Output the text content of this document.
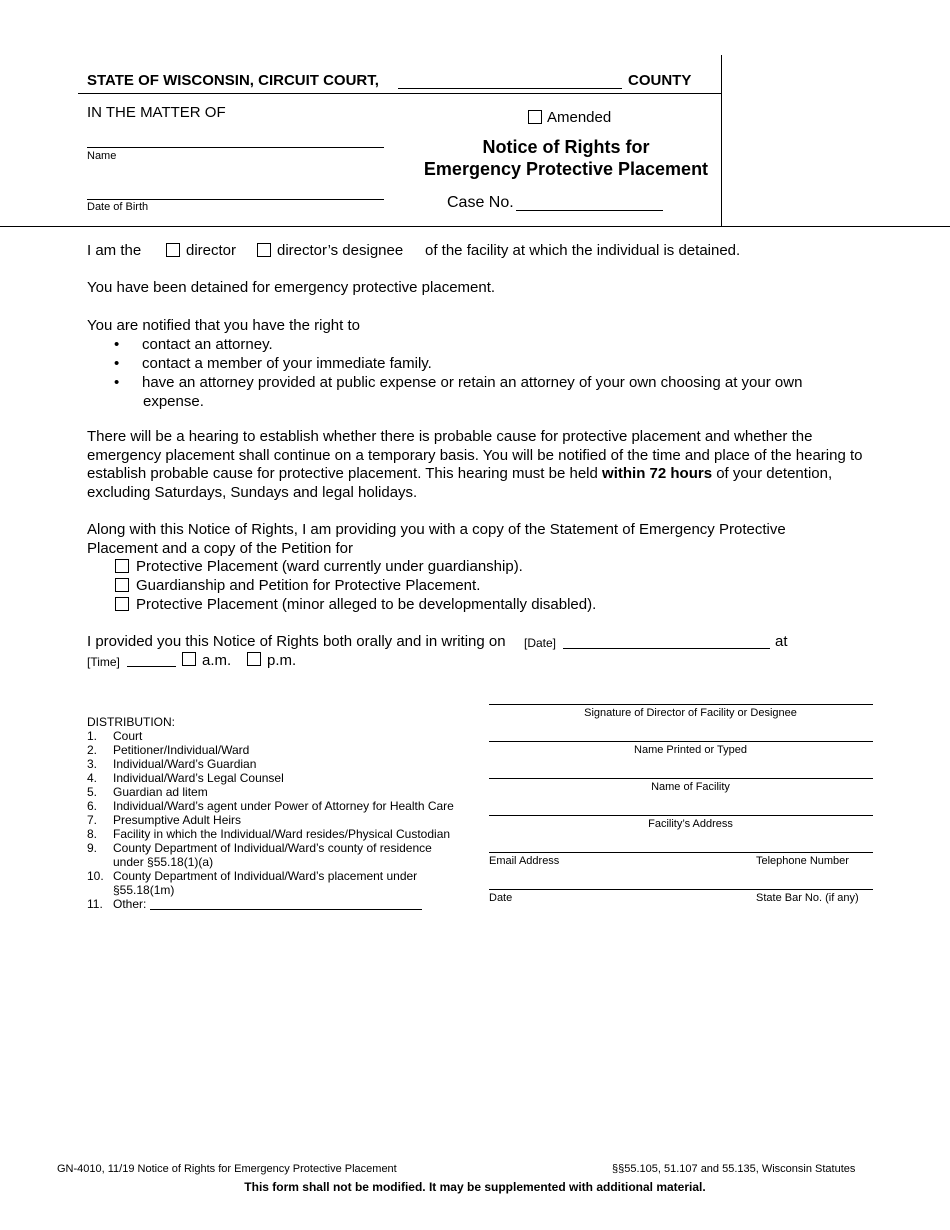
STATE OF WISCONSIN, CIRCUIT COURT,	COUNTY
IN THE MATTER OF
Name
Date of Birth
Amended
Notice of Rights for
Emergency Protective Placement
Case No.
I am the	director	director’s designee of the facility at which the individual is detained.
You have been detained for emergency protective placement.
You are notified that you have the right to
• contact an attorney.
• contact a member of your immediate family.
• have an attorney provided at public expense or retain an attorney of your own choosing at your own
expense.
There will be a hearing to establish whether there is probable cause for protective placement and whether the emergency placement shall continue on a temporary basis. You will be notified of the time and place of the hearing to establish probable cause for protective placement. This hearing must be held within 72 hours of your detention, excluding Saturdays, Sundays and legal holidays.
Along with this Notice of Rights, I am providing you with a copy of the Statement of Emergency Protective
Placement and a copy of the Petition for
Protective Placement (ward currently under guardianship).
Guardianship and Petition for Protective Placement.
Protective Placement (minor alleged to be developmentally disabled).
I provided you this Notice of Rights both orally and in writing on [Date]	at
[Time]	a.m. p.m.
DISTRIBUTION:
1. Court
2. Petitioner/Individual/Ward
3. Individual/Ward’s Guardian
4. Individual/Ward’s Legal Counsel
5. Guardian ad litem
6. Individual/Ward’s agent under Power of Attorney for Health Care
7. Presumptive Adult Heirs
8. Facility in which the Individual/Ward resides/Physical Custodian
9. County Department of Individual/Ward’s county of residence
under §55.18(1)(a)
10. County Department of Individual/Ward’s placement under
§55.18(1m)
11. Other:
Signature of Director of Facility or Designee
Name Printed or Typed
Name of Facility
Facility’s Address
Email Address	Telephone Number
Date	State Bar No. (if any)
GN-4010, 11/19 Notice of Rights for Emergency Protective Placement	§§55.105, 51.107 and 55.135, Wisconsin Statutes
This form shall not be modified. It may be supplemented with additional material.
